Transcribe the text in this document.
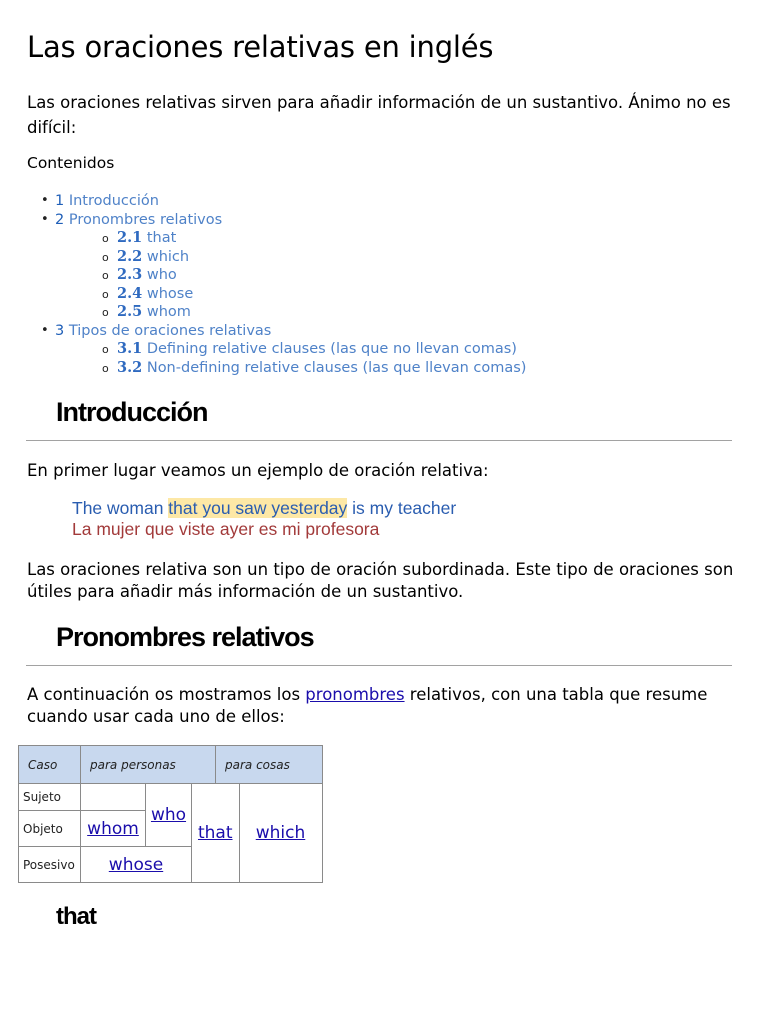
Las oraciones relativas en inglés

Las oraciones relativas sirven para añadir información de un sustantivo. Ánimo no es difícil:

Contenidos
• 1 Introducción
• 2 Pronombres relativos
o 2.1 that
o 2.2 which
o 2.3 who
o 2.4 whose
o 2.5 whom
• 3 Tipos de oraciones relativas
o 3.1 Defining relative clauses (las que no llevan comas)
o 3.2 Non-defining relative clauses (las que llevan comas)
Introducción

En primer lugar veamos un ejemplo de oración relativa:

The woman that you saw yesterday is my teacher
La mujer que viste ayer es mi profesora

Las oraciones relativa son un tipo de oración subordinada. Este tipo de oraciones son útiles para añadir más información de un sustantivo.

Pronombres relativos

A continuación os mostramos los pronombres relativos, con una tabla que resume cuando usar cada uno de ellos:

Caso	para personas			para cosas	
Sujeto		who	that		which
Objeto	whom				
Posesivo	whose				
that
